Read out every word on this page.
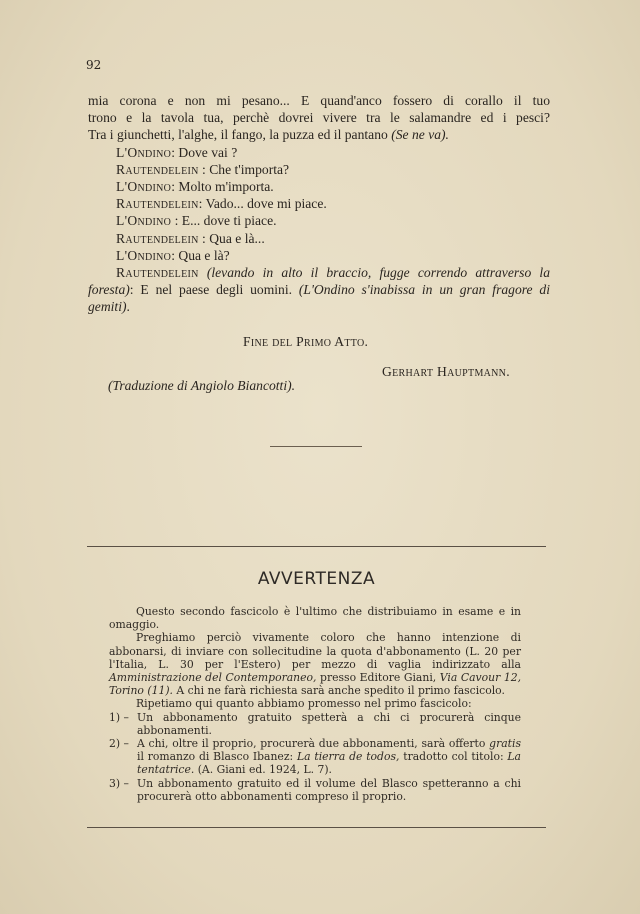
92

mia corona e non mi pesano... E quand'anco fossero di corallo il tuo
trono e la tavola tua, perchè dovrei vivere tra le salamandre ed i pesci?
Tra i giunchetti, l'alghe, il fango, la puzza ed il pantano (Se ne va).

L'Ondino: Dove vai ?

Rautendelein : Che t'importa?

L'Ondino: Molto m'importa.

Rautendelein: Vado... dove mi piace.

L'Ondino : E... dove ti piace.

Rautendelein : Qua e là...

L'Ondino: Qua e là?

Rautendelein (levando in alto il braccio, fugge correndo attraverso la foresta): E nel paese degli uomini. (L'Ondino s'inabissa in un gran fragore di gemiti).

Fine del Primo Atto.
Gerhart Hauptmann.
(Traduzione di Angiolo Biancotti).
AVVERTENZA

Questo secondo fascicolo è l'ultimo che distribuiamo in esame e in omaggio.

Preghiamo perciò vivamente coloro che hanno intenzione di abbonarsi, di inviare con sollecitudine la quota d'abbonamento (L. 20 per l'Italia, L. 30 per l'Estero) per mezzo di vaglia indirizzato alla Amministrazione del Contemporaneo, presso Editore Giani, Via Cavour 12, Torino (11). A chi ne farà richiesta sarà anche spedito il primo fascicolo.

Ripetiamo qui quanto abbiamo promesso nel primo fascicolo:

1) – Un abbonamento gratuito spetterà a chi ci procurerà cinque abbonamenti.
2) – A chi, oltre il proprio, procurerà due abbonamenti, sarà offerto gratis il romanzo di Blasco Ibanez: La tierra de todos, tradotto col titolo: La tentatrice. (A. Giani ed. 1924, L. 7).
3) – Un abbonamento gratuito ed il volume del Blasco spetteranno a chi procurerà otto abbonamenti compreso il proprio.
